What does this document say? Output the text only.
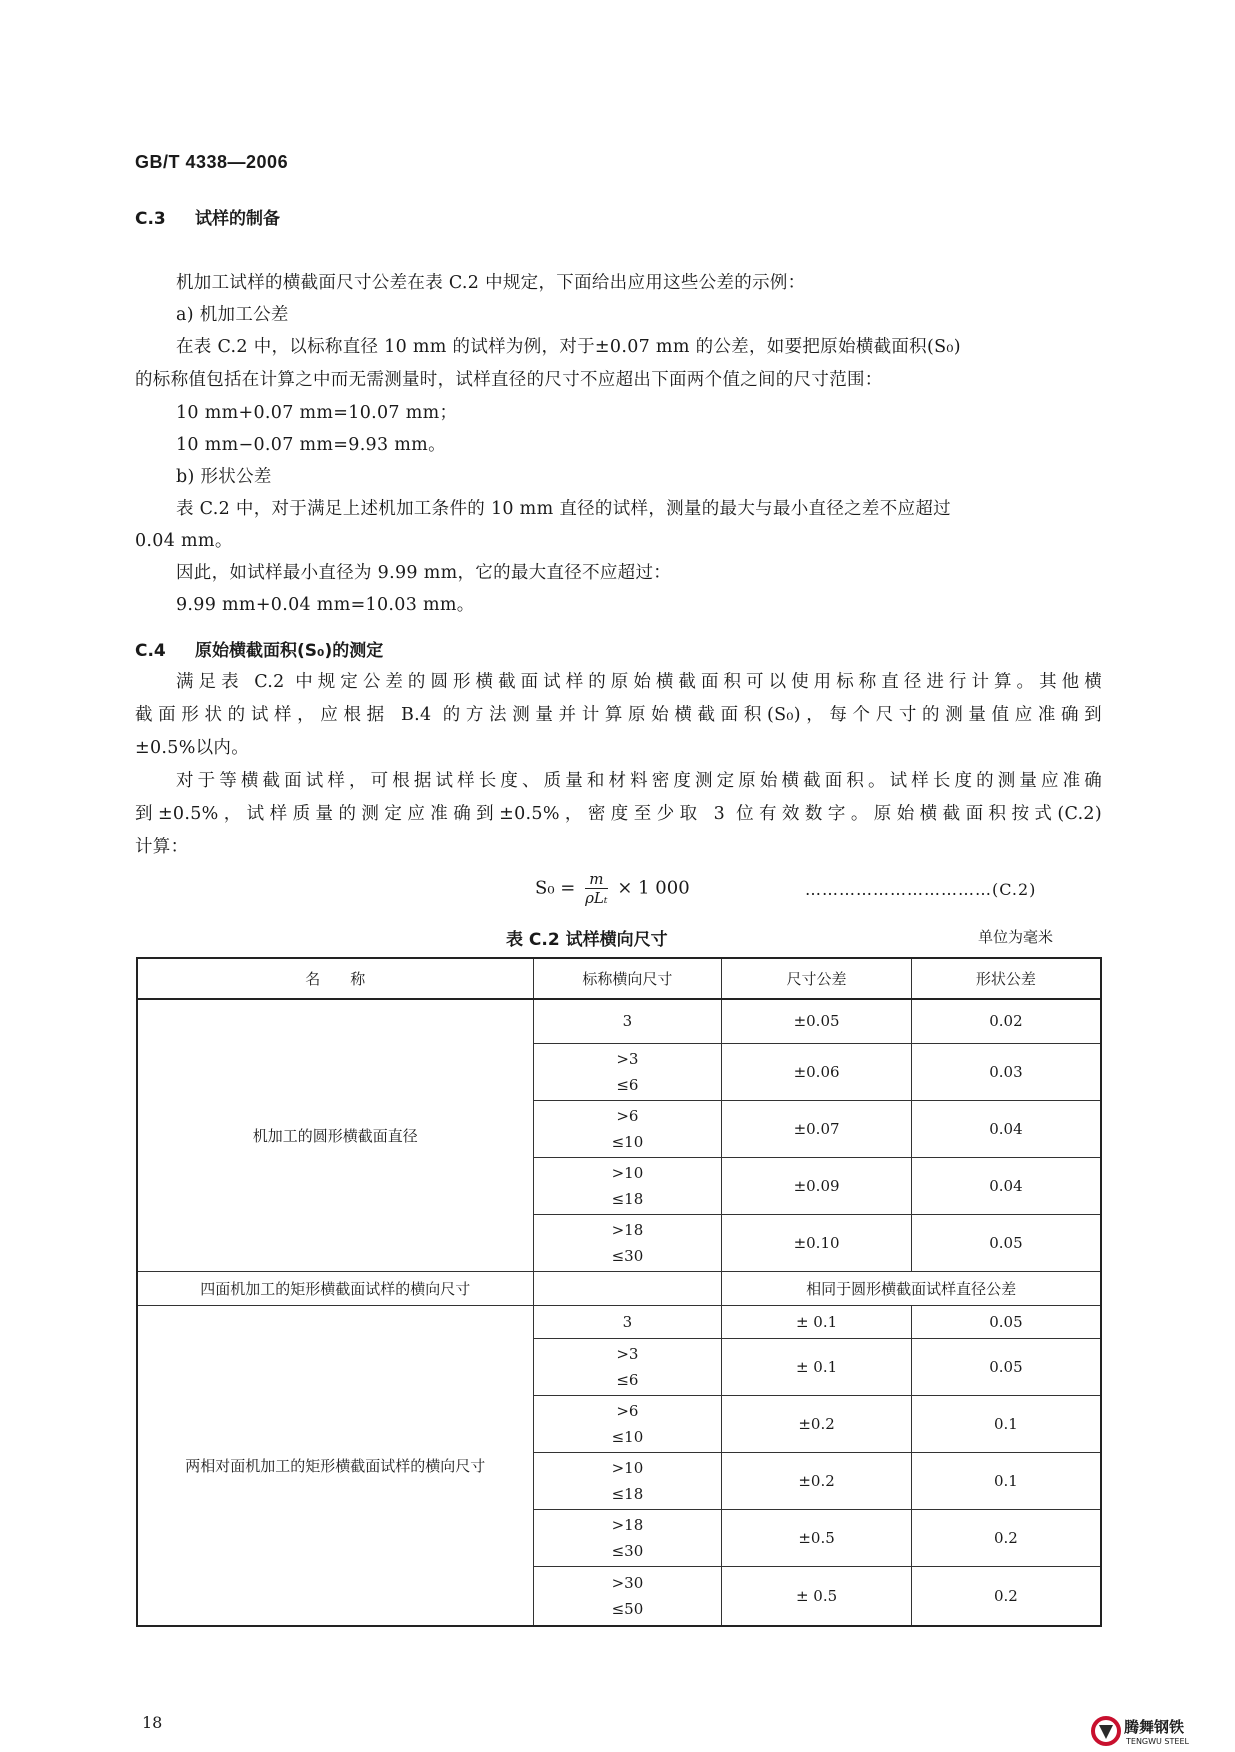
GB/T 4338—2006
C.3 试样的制备
机加工试样的横截面尺寸公差在表 C.2 中规定，下面给出应用这些公差的示例：
a) 机加工公差
在表 C.2 中，以标称直径 10 mm 的试样为例，对于±0.07 mm 的公差，如要把原始横截面积(S₀)
的标称值包括在计算之中而无需测量时，试样直径的尺寸不应超出下面两个值之间的尺寸范围：
10 mm+0.07 mm=10.07 mm；
10 mm−0.07 mm=9.93 mm。
b) 形状公差
表 C.2 中，对于满足上述机加工条件的 10 mm 直径的试样，测量的最大与最小直径之差不应超过
0.04 mm。
因此，如试样最小直径为 9.99 mm，它的最大直径不应超过：
9.99 mm+0.04 mm=10.03 mm。
C.4 原始横截面积(S₀)的测定
满足表 C.2 中规定公差的圆形横截面试样的原始横截面积可以使用标称直径进行计算。其他横
截面形状的试样，应根据 B.4 的方法测量并计算原始横截面积(S₀)，每个尺寸的测量值应准确到
±0.5%以内。
对于等横截面试样，可根据试样长度、质量和材料密度测定原始横截面积。试样长度的测量应准确
到±0.5%，试样质量的测定应准确到±0.5%，密度至少取 3 位有效数字。原始横截面积按式(C.2)
计算：
$S_0 = \frac{m}{\text{ρLₜ}} \times 1$ 000	……………………………(C.2)
表 C.2 试样横向尺寸	单位为毫米
名　　称	标称横向尺寸	尺寸公差	形状公差
机加工的圆形横截面直径	3	±0.05	0.02

	>3
≤6	±0.06	0.03

	>6
≤10	±0.07	0.04

	>10
≤18	±0.09	0.04

	>18
≤30	±0.10	0.05
四面机加工的矩形横截面试样的横向尺寸		相同于圆形横截面试样直径公差	
两相对面机加工的矩形横截面试样的横向尺寸	3	± 0.1	0.05

	>3
≤6	± 0.1	0.05

	>6
≤10	±0.2	0.1

	>10
≤18	±0.2	0.1

	>18
≤30	±0.5	0.2

	>30
≤50	± 0.5	0.2
18	腾舞钢铁
TENGWU STEEL
